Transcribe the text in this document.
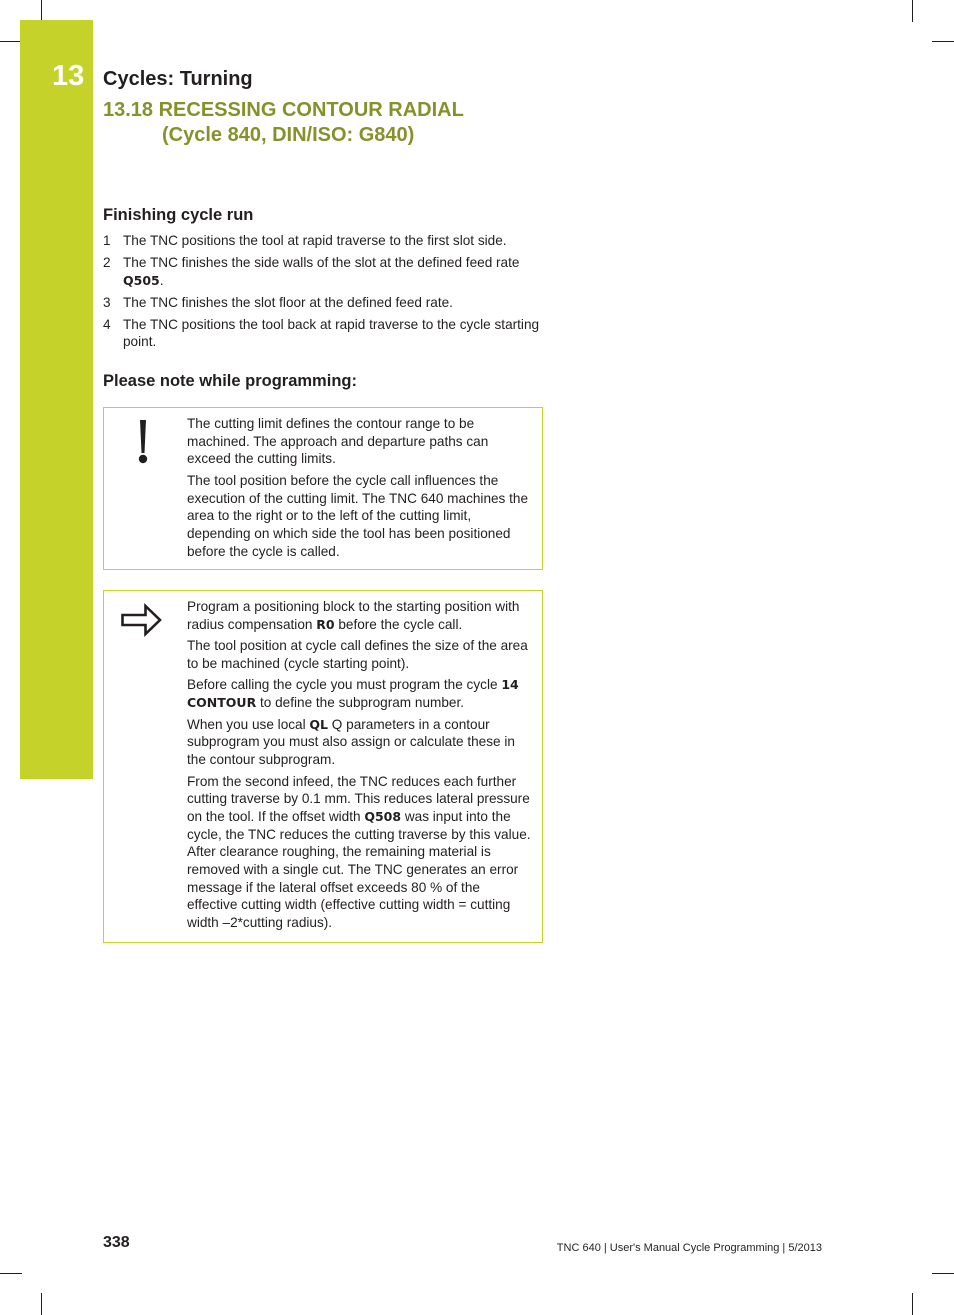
13 Cycles: Turning
13.18 RECESSING CONTOUR RADIAL
(Cycle 840, DIN/ISO: G840)
Finishing cycle run
1 The TNC positions the tool at rapid traverse to the first slot side.
2 The TNC finishes the side walls of the slot at the defined feed rate Q505.
3 The TNC finishes the slot floor at the defined feed rate.
4 The TNC positions the tool back at rapid traverse to the cycle starting point.
Please note while programming:

The cutting limit defines the contour range to be machined. The approach and departure paths can exceed the cutting limits.

The tool position before the cycle call influences the execution of the cutting limit. The TNC 640 machines the area to the right or to the left of the cutting limit, depending on which side the tool has been positioned before the cycle is called.

Program a positioning block to the starting position with radius compensation R0 before the cycle call.

The tool position at cycle call defines the size of the area to be machined (cycle starting point).

Before calling the cycle you must program the cycle 14 CONTOUR to define the subprogram number.

When you use local QL Q parameters in a contour subprogram you must also assign or calculate these in the contour subprogram.

From the second infeed, the TNC reduces each further cutting traverse by 0.1 mm. This reduces lateral pressure on the tool. If the offset width Q508 was input into the cycle, the TNC reduces the cutting traverse by this value. After clearance roughing, the remaining material is removed with a single cut. The TNC generates an error message if the lateral offset exceeds 80 % of the effective cutting width (effective cutting width = cutting width –2*cutting radius).

338	TNC 640 | User's Manual Cycle Programming | 5/2013
